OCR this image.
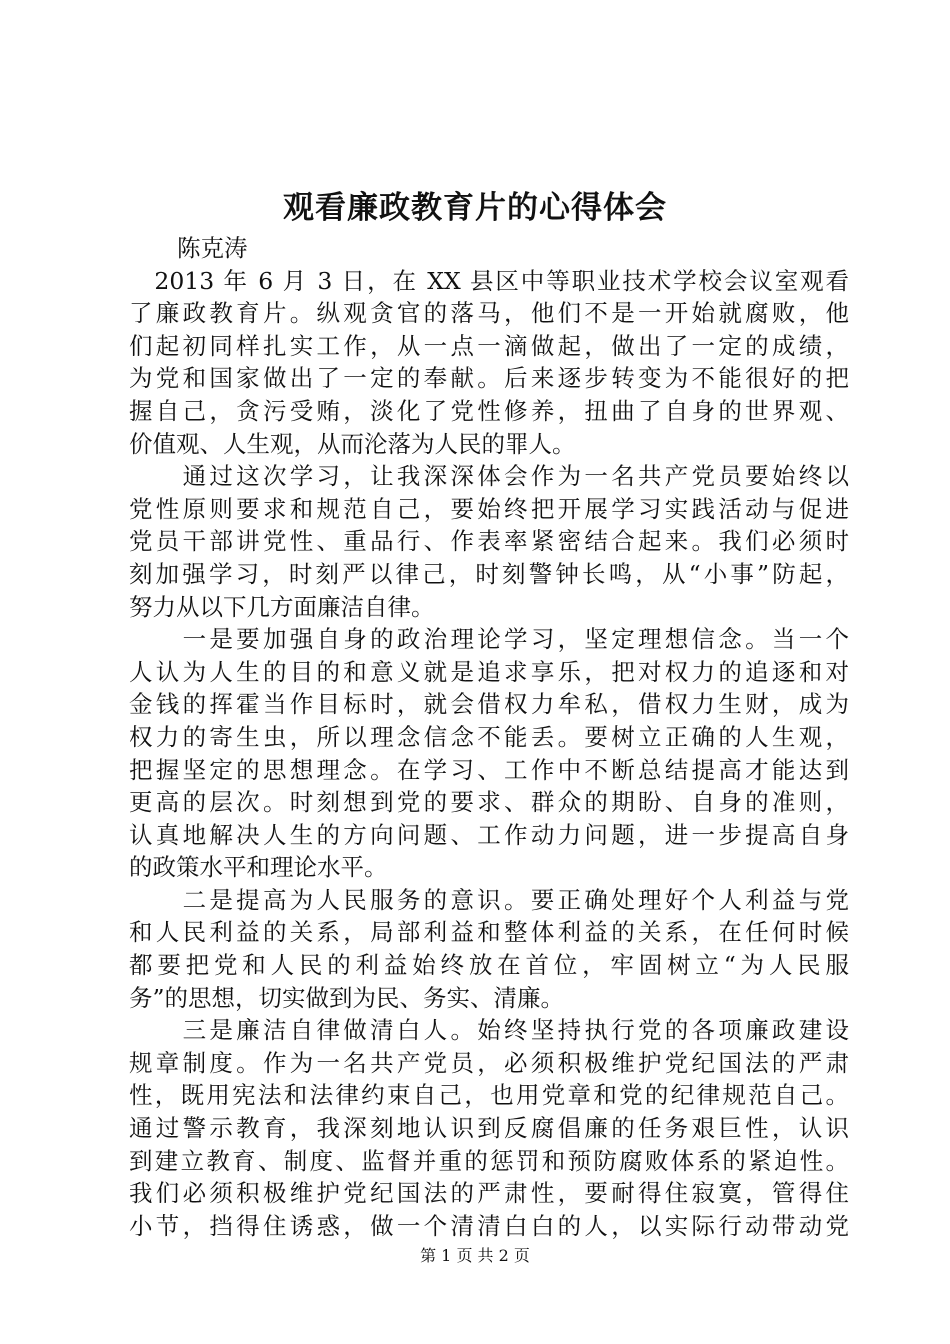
观看廉政教育片的心得体会
陈克涛
　2013 年 6 月 3 日，在 XX 县区中等职业技术学校会议室观看
了廉政教育片。纵观贪官的落马，他们不是一开始就腐败，他
们起初同样扎实工作，从一点一滴做起，做出了一定的成绩，
为党和国家做出了一定的奉献。后来逐步转变为不能很好的把
握自己，贪污受贿，淡化了党性修养，扭曲了自身的世界观、
价值观、人生观，从而沦落为人民的罪人。
　　通过这次学习，让我深深体会作为一名共产党员要始终以
党性原则要求和规范自己，要始终把开展学习实践活动与促进
党员干部讲党性、重品行、作表率紧密结合起来。我们必须时
刻加强学习，时刻严以律己，时刻警钟长鸣，从“小事”防起，
努力从以下几方面廉洁自律。
　　一是要加强自身的政治理论学习，坚定理想信念。当一个
人认为人生的目的和意义就是追求享乐，把对权力的追逐和对
金钱的挥霍当作目标时，就会借权力牟私，借权力生财，成为
权力的寄生虫，所以理念信念不能丢。要树立正确的人生观，
把握坚定的思想理念。在学习、工作中不断总结提高才能达到
更高的层次。时刻想到党的要求、群众的期盼、自身的准则，
认真地解决人生的方向问题、工作动力问题，进一步提高自身
的政策水平和理论水平。
　　二是提高为人民服务的意识。要正确处理好个人利益与党
和人民利益的关系，局部利益和整体利益的关系，在任何时候
都要把党和人民的利益始终放在首位，牢固树立“为人民服
务”的思想，切实做到为民、务实、清廉。
　　三是廉洁自律做清白人。始终坚持执行党的各项廉政建设
规章制度。作为一名共产党员，必须积极维护党纪国法的严肃
性，既用宪法和法律约束自己，也用党章和党的纪律规范自己。
通过警示教育，我深刻地认识到反腐倡廉的任务艰巨性，认识
到建立教育、制度、监督并重的惩罚和预防腐败体系的紧迫性。
我们必须积极维护党纪国法的严肃性，要耐得住寂寞，管得住
小节，挡得住诱惑，做一个清清白白的人，以实际行动带动党
第 1 页 共 2 页
